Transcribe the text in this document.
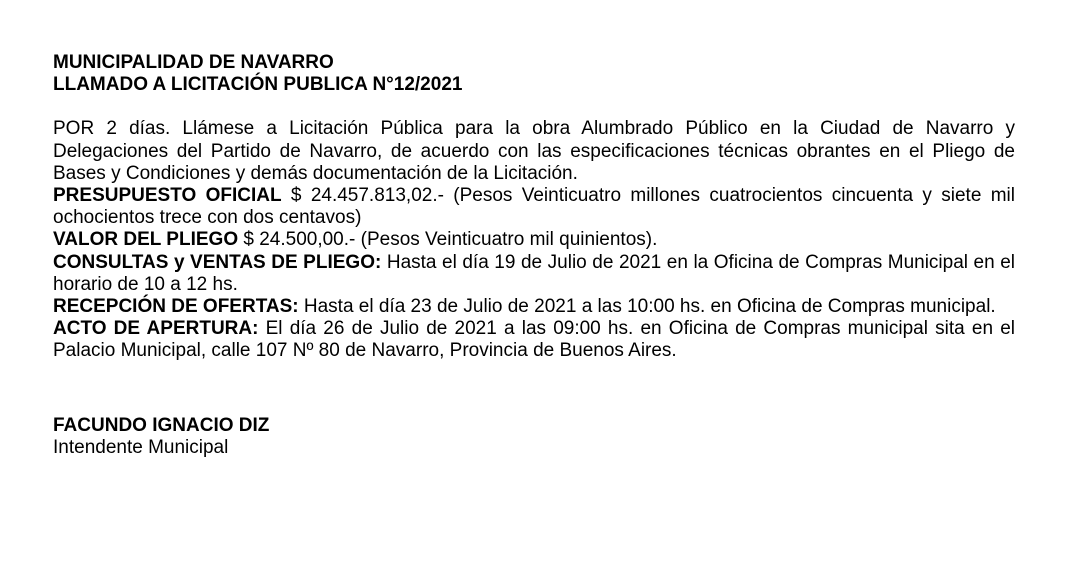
MUNICIPALIDAD DE NAVARRO

LLAMADO A LICITACIÓN PUBLICA N°12/2021

POR 2 días. Llámese a Licitación Pública para la obra Alumbrado Público en la Ciudad de Navarro y Delegaciones del Partido de Navarro, de acuerdo con las especificaciones técnicas obrantes en el Pliego de Bases y Condiciones y demás documentación de la Licitación.

PRESUPUESTO OFICIAL $ 24.457.813,02.- (Pesos Veinticuatro millones cuatrocientos cincuenta y siete mil ochocientos trece con dos centavos)

VALOR DEL PLIEGO $ 24.500,00.- (Pesos Veinticuatro mil quinientos).

CONSULTAS y VENTAS DE PLIEGO: Hasta el día 19 de Julio de 2021 en la Oficina de Compras Municipal en el horario de 10 a 12 hs.

RECEPCIÓN DE OFERTAS: Hasta el día 23 de Julio de 2021 a las 10:00 hs. en Oficina de Compras municipal.

ACTO DE APERTURA: El día 26 de Julio de 2021 a las 09:00 hs. en Oficina de Compras municipal sita en el Palacio Municipal, calle 107 Nº 80 de Navarro, Provincia de Buenos Aires.

FACUNDO IGNACIO DIZ

Intendente Municipal
